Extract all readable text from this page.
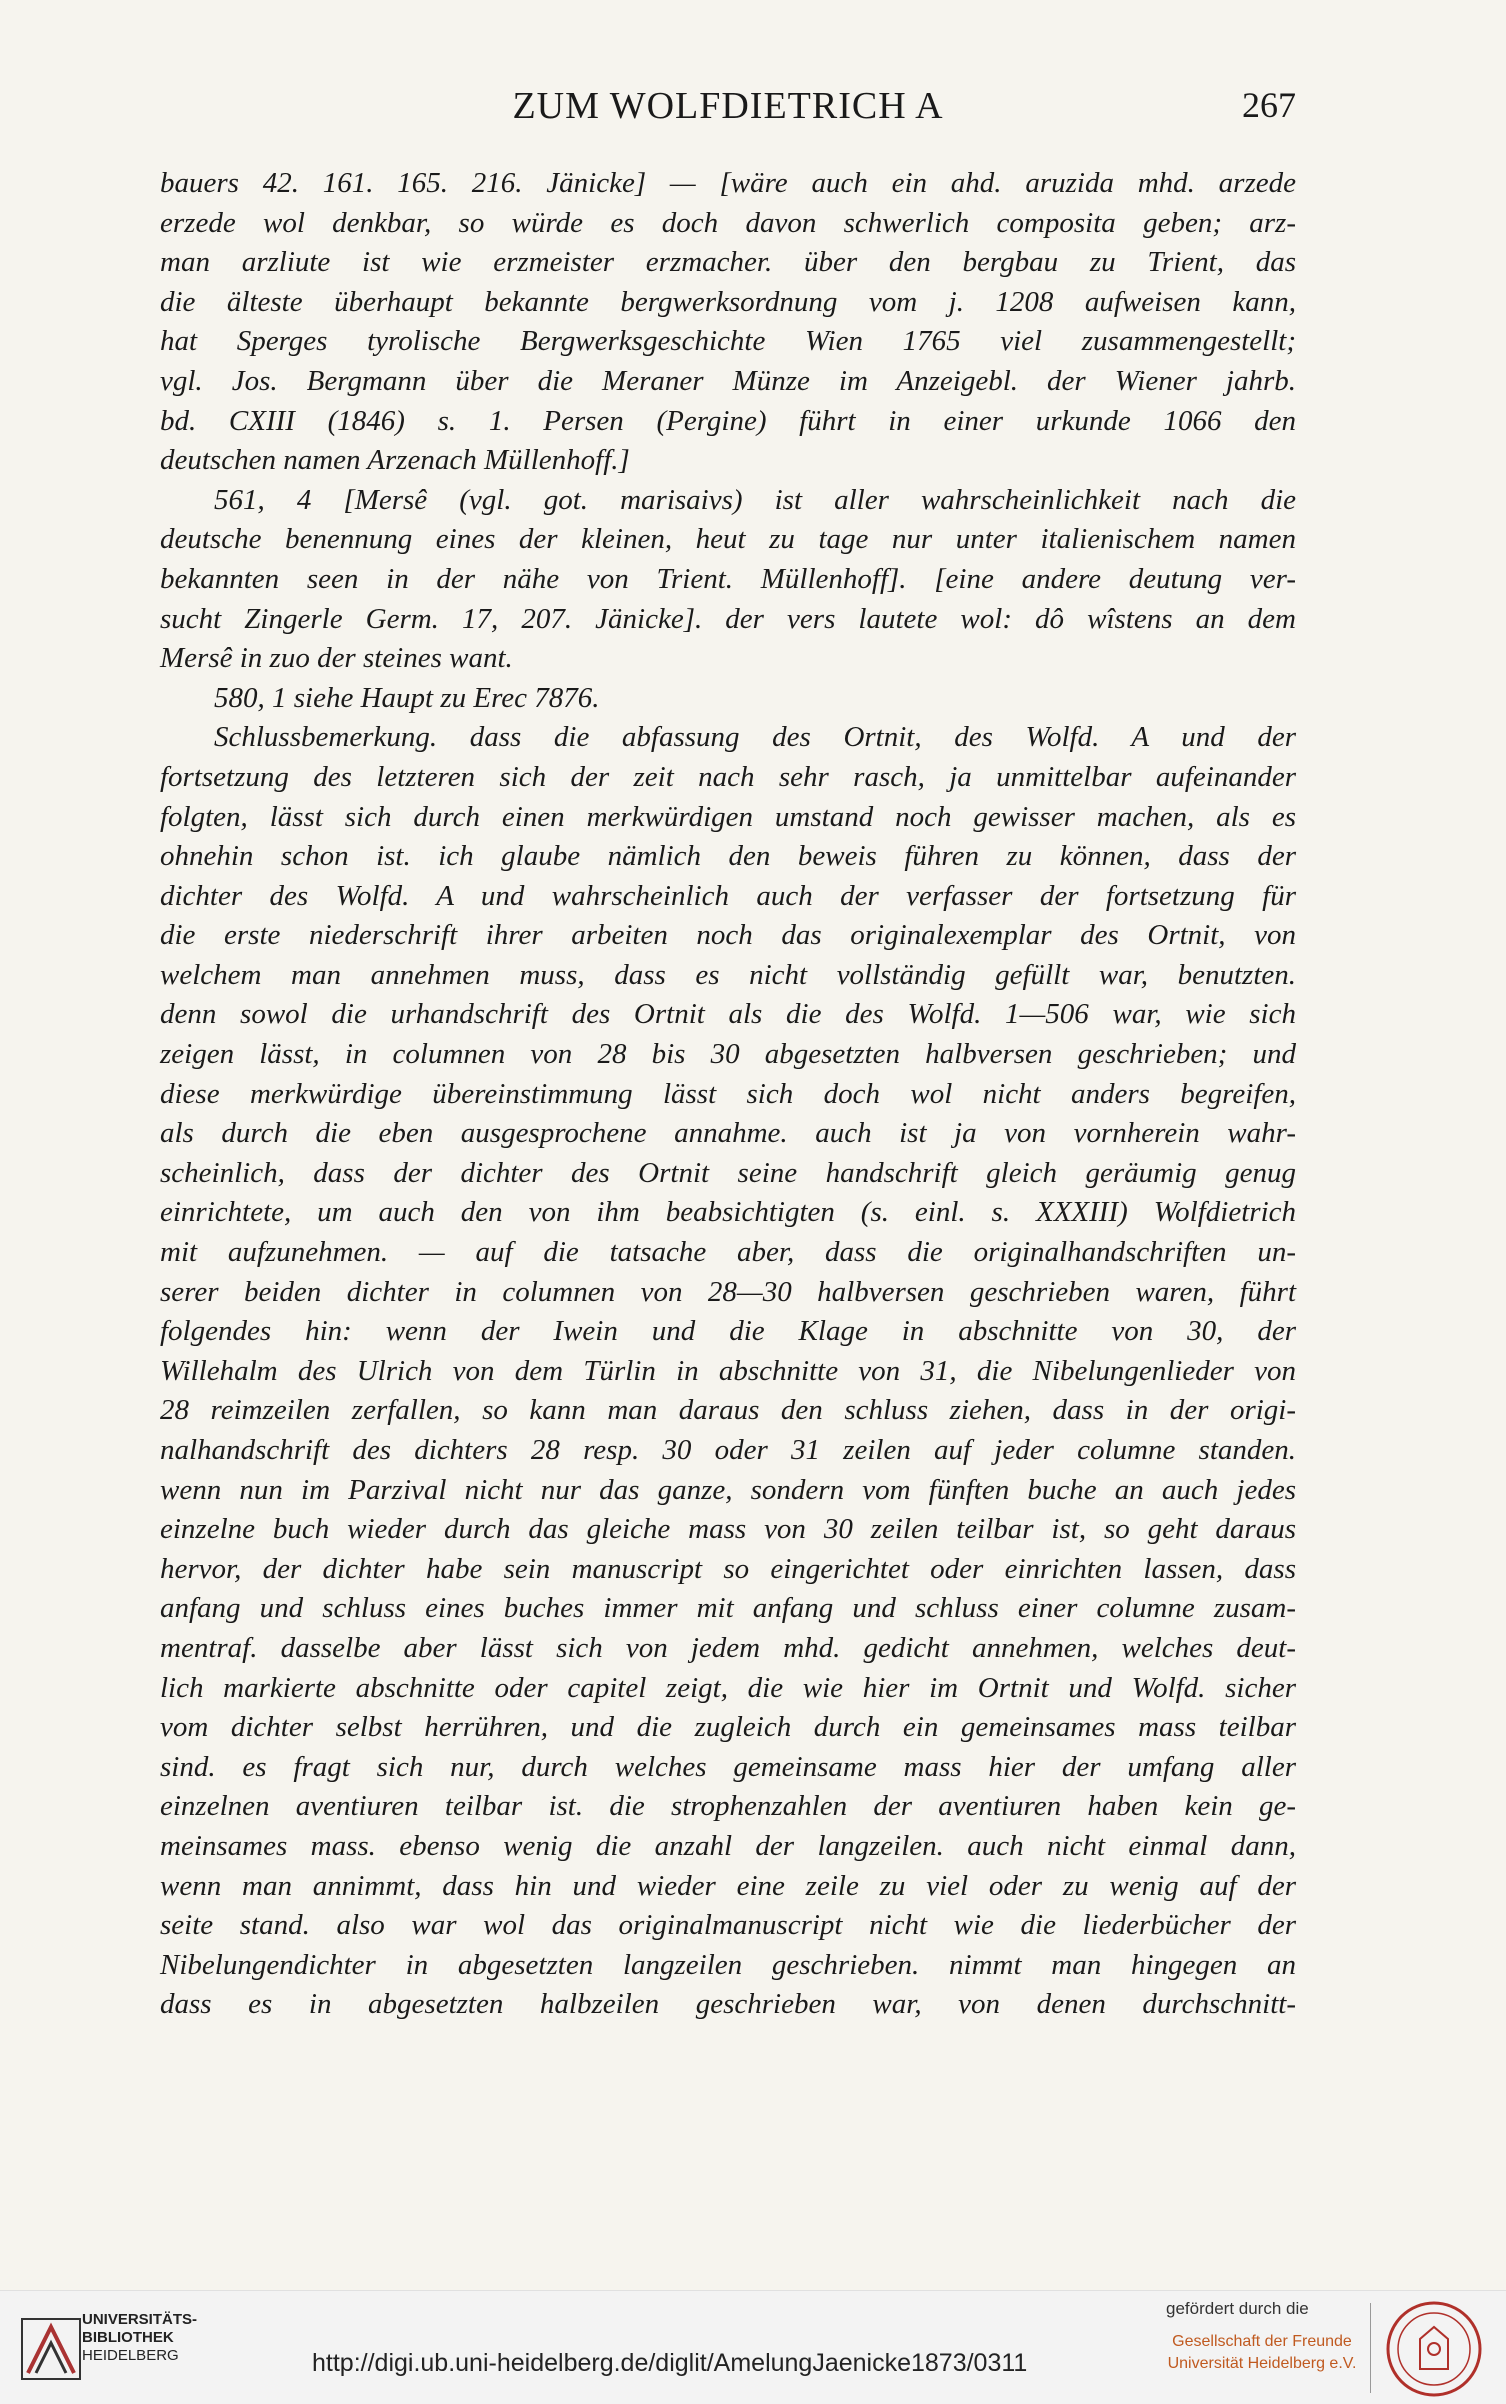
ZUM WOLFDIETRICH A	267
bauers 42. 161. 165. 216. Jänicke] — [wäre auch ein ahd. aruzida mhd. arzede
erzede wol denkbar, so würde es doch davon schwerlich composita geben; arz-
man arzliute ist wie erzmeister erzmacher. über den bergbau zu Trient, das
die älteste überhaupt bekannte bergwerksordnung vom j. 1208 aufweisen kann,
hat Sperges tyrolische Bergwerksgeschichte Wien 1765 viel zusammengestellt;
vgl. Jos. Bergmann über die Meraner Münze im Anzeigebl. der Wiener jahrb.
bd. CXIII (1846) s. 1. Persen (Pergine) führt in einer urkunde 1066 den
deutschen namen Arzenach Müllenhoff.]
561, 4 [Mersê (vgl. got. marisaivs) ist aller wahrscheinlichkeit nach die
deutsche benennung eines der kleinen, heut zu tage nur unter italienischem namen
bekannten seen in der nähe von Trient. Müllenhoff]. [eine andere deutung ver-
sucht Zingerle Germ. 17, 207. Jänicke]. der vers lautete wol: dô wîstens an dem
Mersê in zuo der steines want.
580, 1 siehe Haupt zu Erec 7876.
Schlussbemerkung. dass die abfassung des Ortnit, des Wolfd. A und der
fortsetzung des letzteren sich der zeit nach sehr rasch, ja unmittelbar aufeinander
folgten, lässt sich durch einen merkwürdigen umstand noch gewisser machen, als es
ohnehin schon ist. ich glaube nämlich den beweis führen zu können, dass der
dichter des Wolfd. A und wahrscheinlich auch der verfasser der fortsetzung für
die erste niederschrift ihrer arbeiten noch das originalexemplar des Ortnit, von
welchem man annehmen muss, dass es nicht vollständig gefüllt war, benutzten.
denn sowol die urhandschrift des Ortnit als die des Wolfd. 1—506 war, wie sich
zeigen lässt, in columnen von 28 bis 30 abgesetzten halbversen geschrieben; und
diese merkwürdige übereinstimmung lässt sich doch wol nicht anders begreifen,
als durch die eben ausgesprochene annahme. auch ist ja von vornherein wahr-
scheinlich, dass der dichter des Ortnit seine handschrift gleich geräumig genug
einrichtete, um auch den von ihm beabsichtigten (s. einl. s. XXXIII) Wolfdietrich
mit aufzunehmen. — auf die tatsache aber, dass die originalhandschriften un-
serer beiden dichter in columnen von 28—30 halbversen geschrieben waren, führt
folgendes hin: wenn der Iwein und die Klage in abschnitte von 30, der
Willehalm des Ulrich von dem Türlin in abschnitte von 31, die Nibelungenlieder von
28 reimzeilen zerfallen, so kann man daraus den schluss ziehen, dass in der origi-
nalhandschrift des dichters 28 resp. 30 oder 31 zeilen auf jeder columne standen.
wenn nun im Parzival nicht nur das ganze, sondern vom fünften buche an auch jedes
einzelne buch wieder durch das gleiche mass von 30 zeilen teilbar ist, so geht daraus
hervor, der dichter habe sein manuscript so eingerichtet oder einrichten lassen, dass
anfang und schluss eines buches immer mit anfang und schluss einer columne zusam-
mentraf. dasselbe aber lässt sich von jedem mhd. gedicht annehmen, welches deut-
lich markierte abschnitte oder capitel zeigt, die wie hier im Ortnit und Wolfd. sicher
vom dichter selbst herrühren, und die zugleich durch ein gemeinsames mass teilbar
sind. es fragt sich nur, durch welches gemeinsame mass hier der umfang aller
einzelnen aventiuren teilbar ist. die strophenzahlen der aventiuren haben kein ge-
meinsames mass. ebenso wenig die anzahl der langzeilen. auch nicht einmal dann,
wenn man annimmt, dass hin und wieder eine zeile zu viel oder zu wenig auf der
seite stand. also war wol das originalmanuscript nicht wie die liederbücher der
Nibelungendichter in abgesetzten langzeilen geschrieben. nimmt man hingegen an
dass es in abgesetzten halbzeilen geschrieben war, von denen durchschnitt-
UNIVERSITÄTS-
BIBLIOTHEK
HEIDELBERG	http://digi.ub.uni-heidelberg.de/diglit/AmelungJaenicke1873/0311
gefördert durch die
Gesellschaft der Freunde
Universität Heidelberg e.V.
